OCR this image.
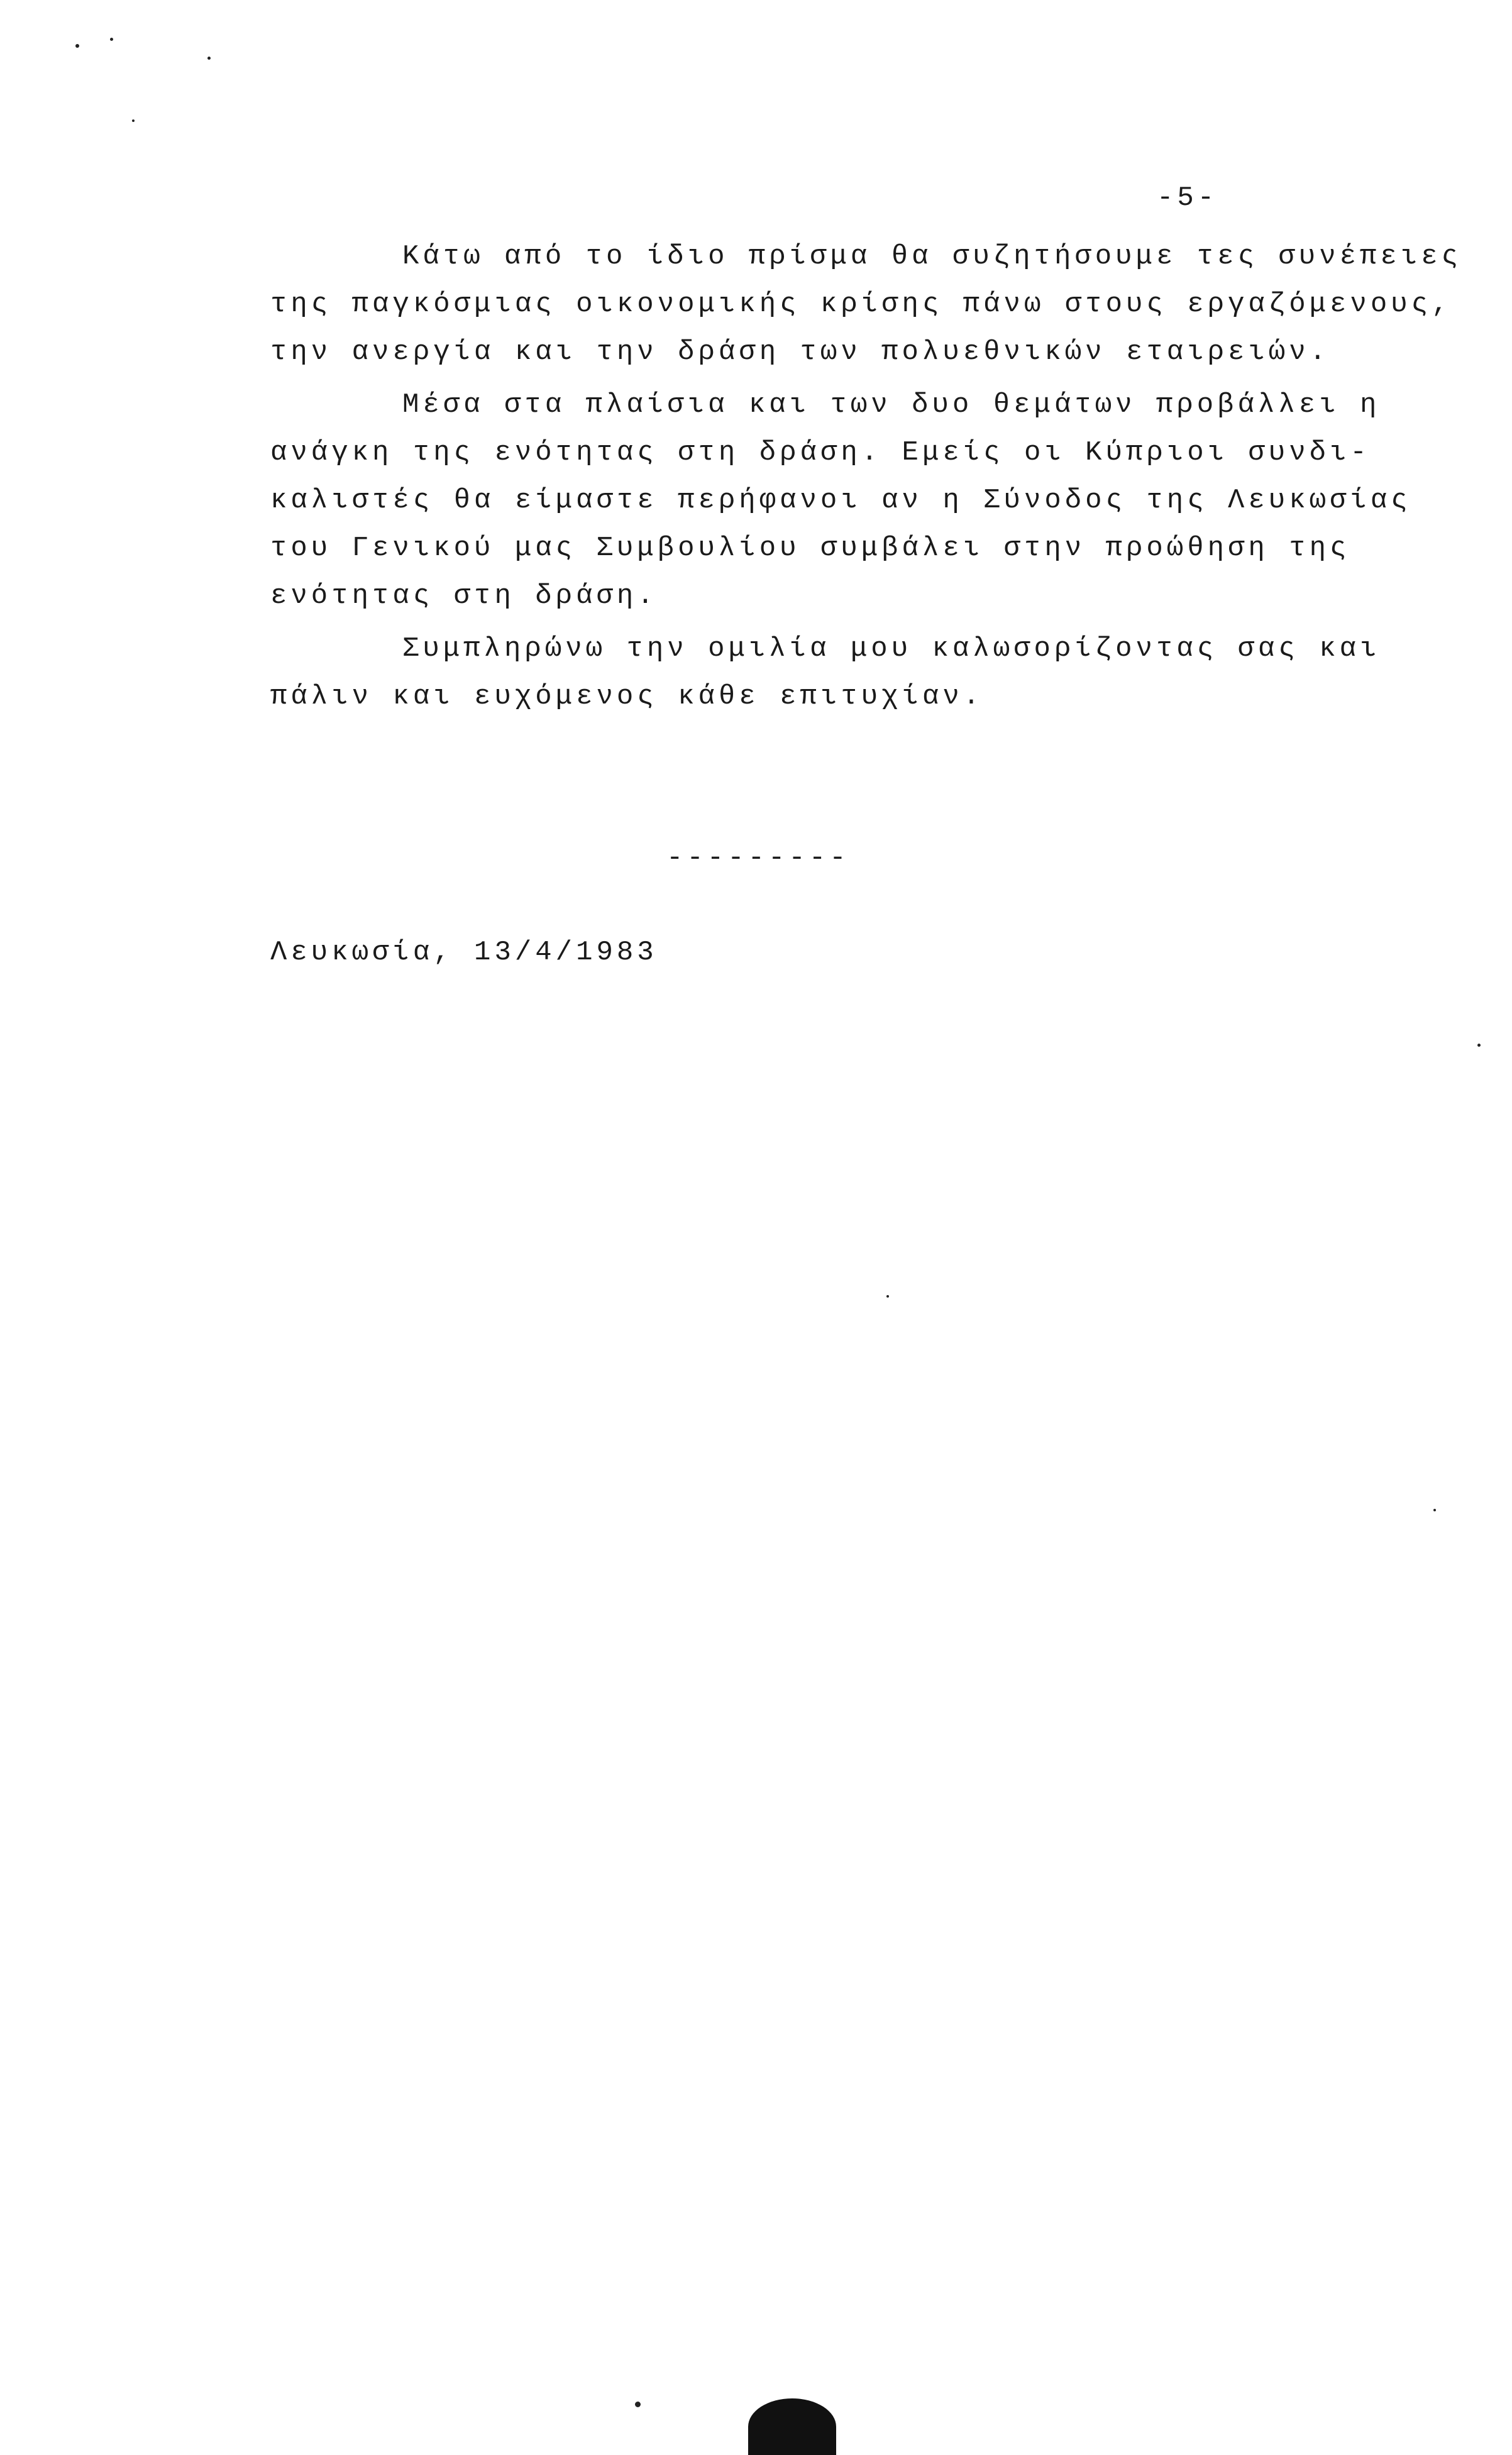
-5-
Κάτω από το ίδιο πρίσμα θα συζητήσουμε τες συνέπειες
της παγκόσμιας οικονομικής κρίσης πάνω στους εργαζόμενους,
την ανεργία και την δράση των πολυεθνικών εταιρειών.
Μέσα στα πλαίσια και των δυο θεμάτων προβάλλει η
ανάγκη της ενότητας στη δράση. Εμείς οι Κύπριοι συνδι-
καλιστές θα είμαστε περήφανοι αν η Σύνοδος της Λευκωσίας
του Γενικού μας Συμβουλίου συμβάλει στην προώθηση της
ενότητας στη δράση.
Συμπληρώνω την ομιλία μου καλωσορίζοντας σας και
πάλιν και ευχόμενος κάθε επιτυχίαν.
---------
Λευκωσία, 13/4/1983
